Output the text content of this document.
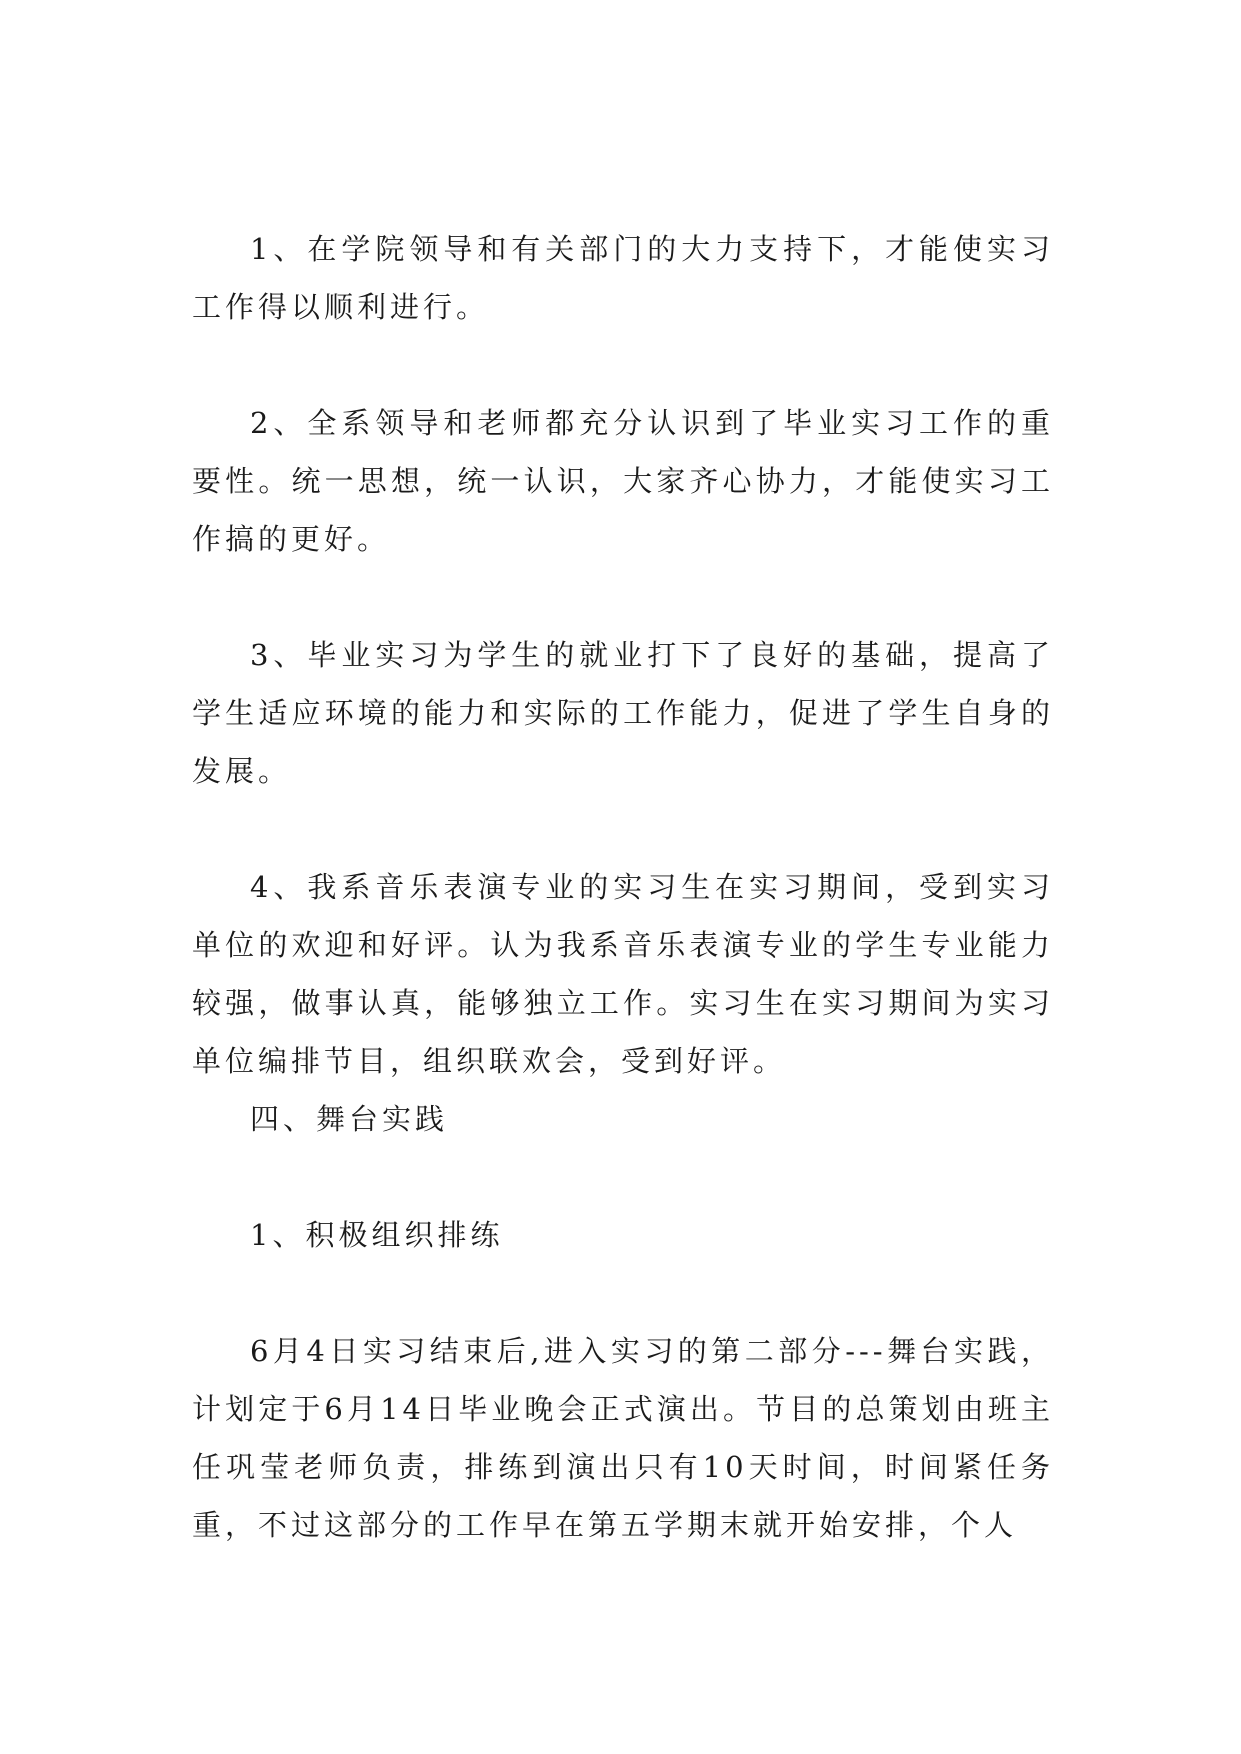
1、在学院领导和有关部门的大力支持下，才能使实习工作得以顺利进行。

2、全系领导和老师都充分认识到了毕业实习工作的重要性。统一思想，统一认识，大家齐心协力，才能使实习工作搞的更好。

3、毕业实习为学生的就业打下了良好的基础，提高了学生适应环境的能力和实际的工作能力，促进了学生自身的发展。

4、我系音乐表演专业的实习生在实习期间，受到实习单位的欢迎和好评。认为我系音乐表演专业的学生专业能力较强，做事认真，能够独立工作。实习生在实习期间为实习单位编排节目，组织联欢会，受到好评。

四、舞台实践

1、积极组织排练

6月4日实习结束后,进入实习的第二部分---舞台实践，计划定于6月14日毕业晚会正式演出。节目的总策划由班主任巩莹老师负责，排练到演出只有10天时间，时间紧任务重，不过这部分的工作早在第五学期末就开始安排，个人
